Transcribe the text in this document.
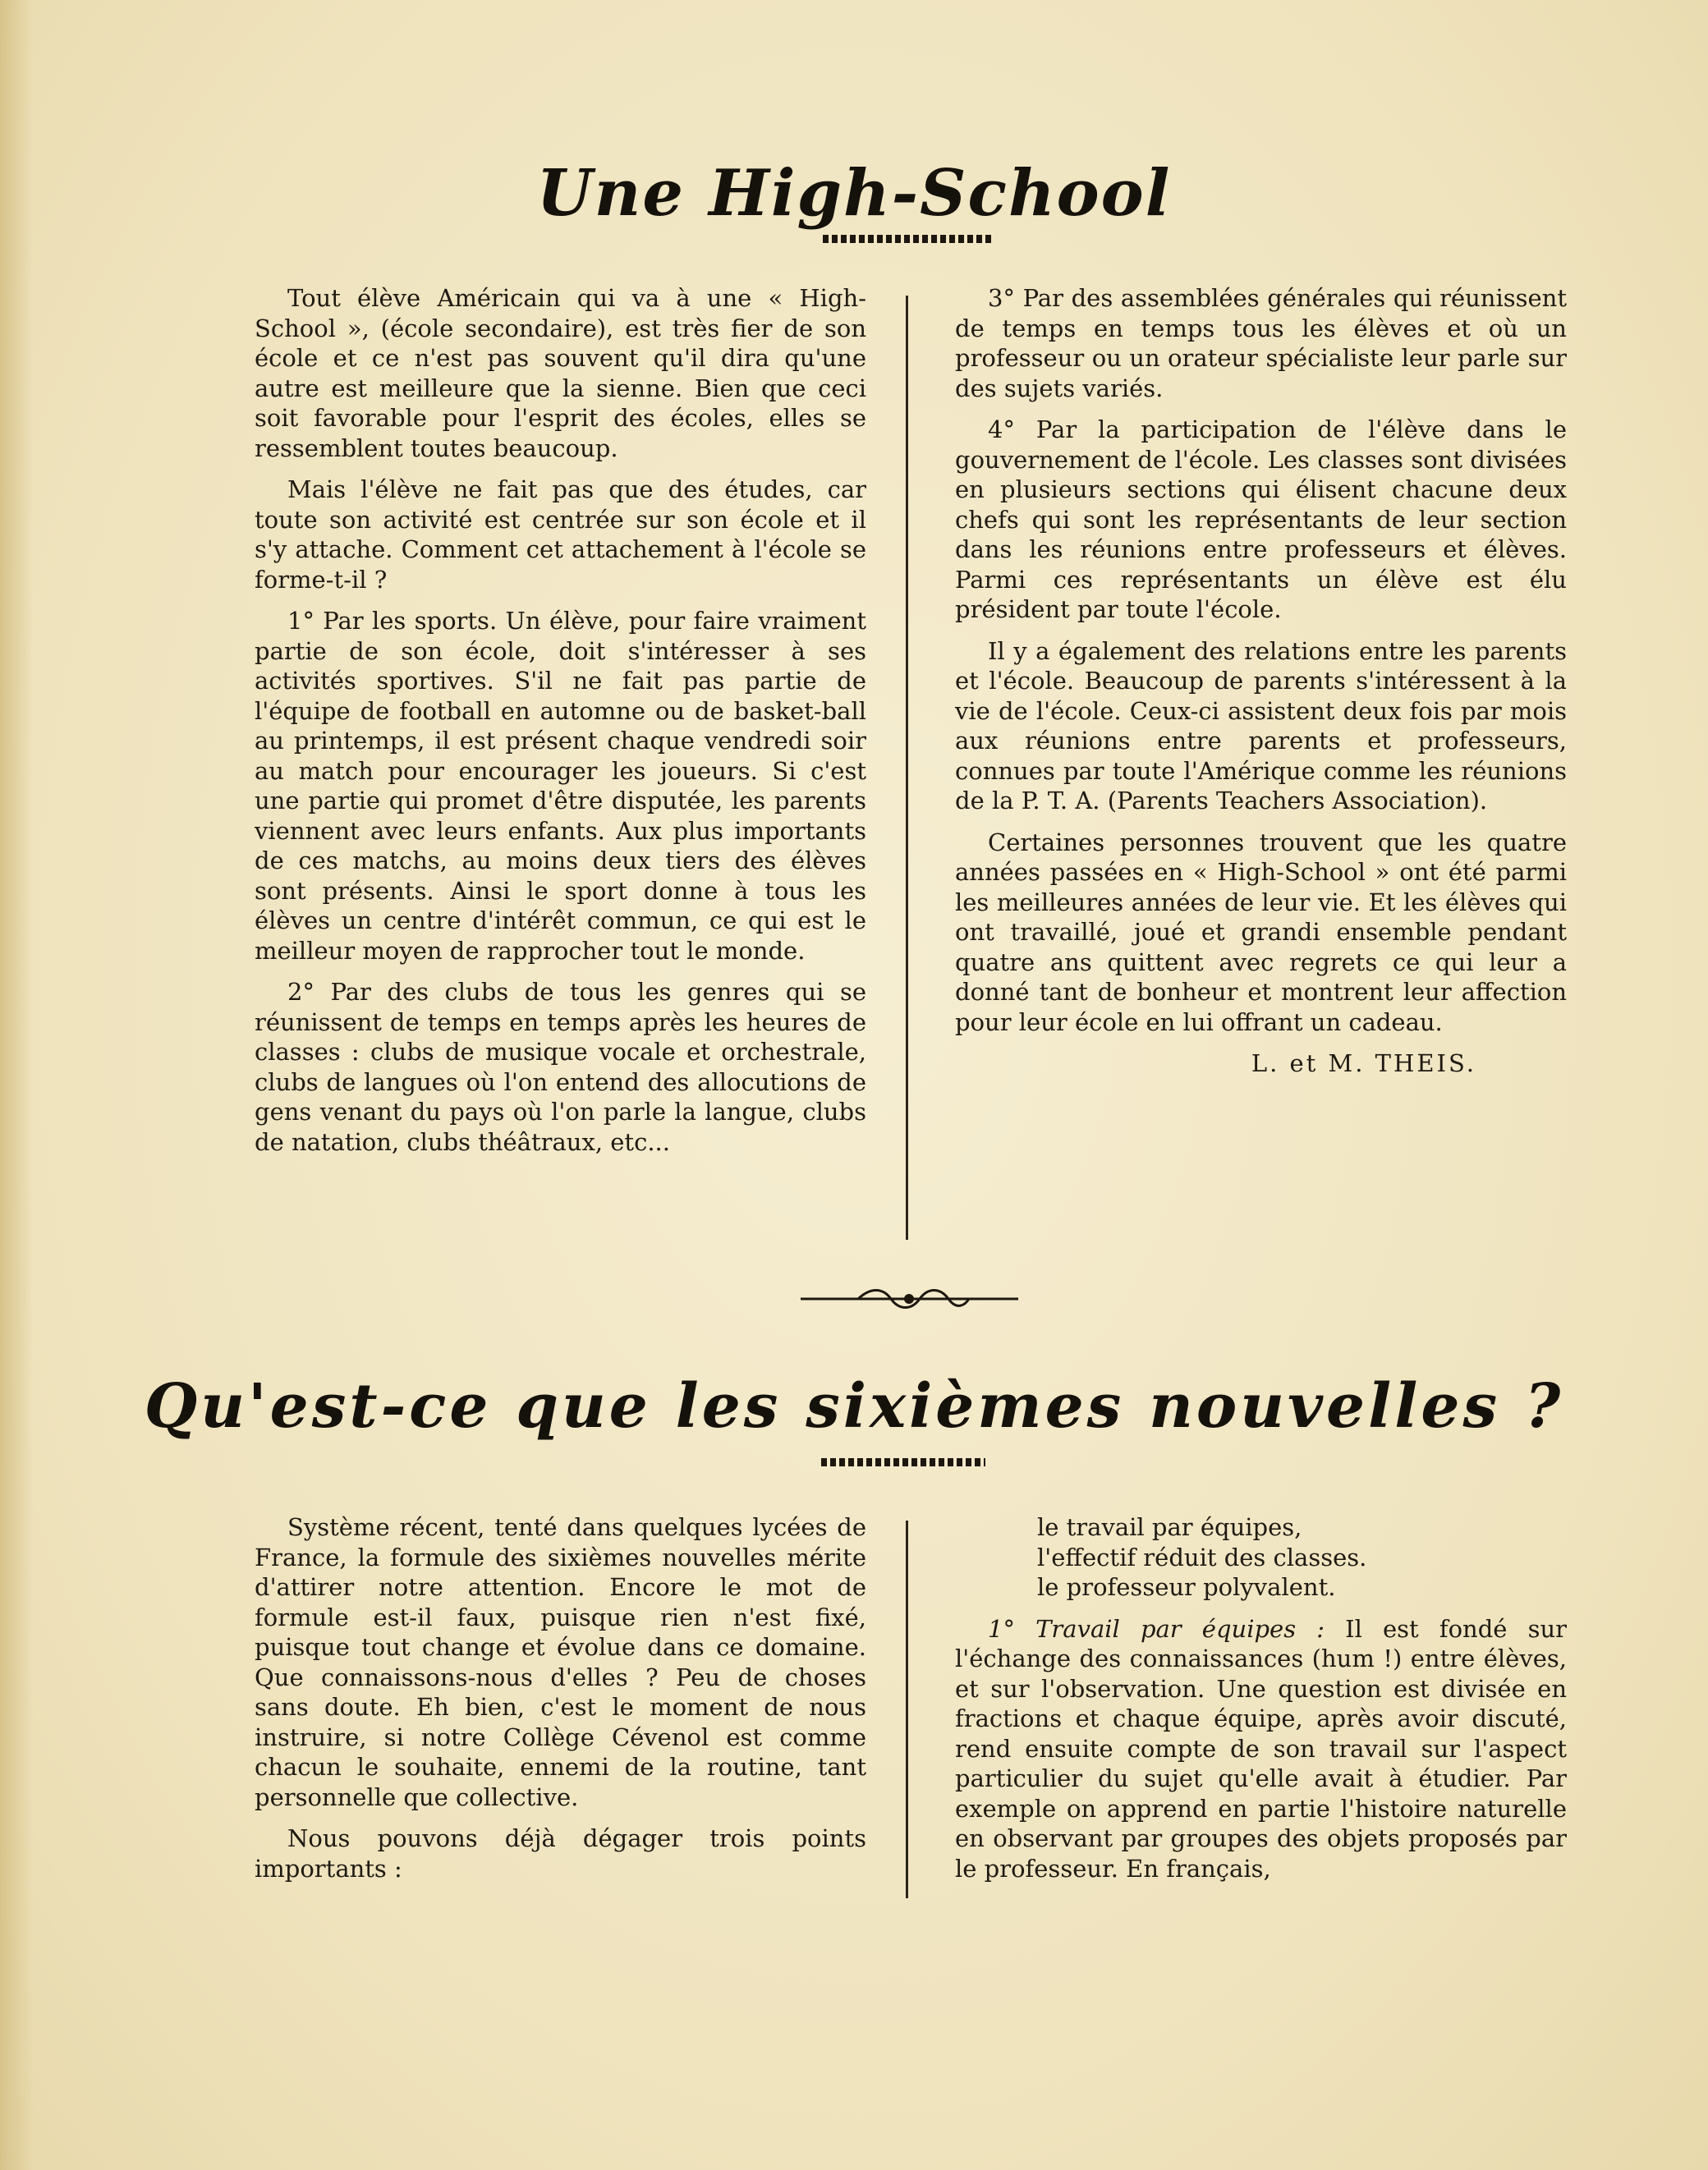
Une High-School

Tout élève Américain qui va à une « High-School », (école secondaire), est très fier de son école et ce n'est pas souvent qu'il dira qu'une autre est meilleure que la sienne. Bien que ceci soit favorable pour l'esprit des écoles, elles se ressemblent toutes beaucoup.

Mais l'élève ne fait pas que des études, car toute son activité est centrée sur son école et il s'y attache. Comment cet attachement à l'école se forme-t-il ?

1° Par les sports. Un élève, pour faire vraiment partie de son école, doit s'intéresser à ses activités sportives. S'il ne fait pas partie de l'équipe de football en automne ou de basket-ball au printemps, il est présent chaque vendredi soir au match pour encourager les joueurs. Si c'est une partie qui promet d'être disputée, les parents viennent avec leurs enfants. Aux plus importants de ces matchs, au moins deux tiers des élèves sont présents. Ainsi le sport donne à tous les élèves un centre d'intérêt commun, ce qui est le meilleur moyen de rapprocher tout le monde.

2° Par des clubs de tous les genres qui se réunissent de temps en temps après les heures de classes : clubs de musique vocale et orchestrale, clubs de langues où l'on entend des allocutions de gens venant du pays où l'on parle la langue, clubs de natation, clubs théâtraux, etc...

3° Par des assemblées générales qui réunissent de temps en temps tous les élèves et où un professeur ou un orateur spécialiste leur parle sur des sujets variés.

4° Par la participation de l'élève dans le gouvernement de l'école. Les classes sont divisées en plusieurs sections qui élisent chacune deux chefs qui sont les représentants de leur section dans les réunions entre professeurs et élèves. Parmi ces représentants un élève est élu président par toute l'école.

Il y a également des relations entre les parents et l'école. Beaucoup de parents s'intéressent à la vie de l'école. Ceux-ci assistent deux fois par mois aux réunions entre parents et professeurs, connues par toute l'Amérique comme les réunions de la P. T. A. (Parents Teachers Association).

Certaines personnes trouvent que les quatre années passées en « High-School » ont été parmi les meilleures années de leur vie. Et les élèves qui ont travaillé, joué et grandi ensemble pendant quatre ans quittent avec regrets ce qui leur a donné tant de bonheur et montrent leur affection pour leur école en lui offrant un cadeau.

L. et M. THEIS.
Qu'est-ce que les sixièmes nouvelles ?

Système récent, tenté dans quelques lycées de France, la formule des sixièmes nouvelles mérite d'attirer notre attention. Encore le mot de formule est-il faux, puisque rien n'est fixé, puisque tout change et évolue dans ce domaine. Que connaissons-nous d'elles ? Peu de choses sans doute. Eh bien, c'est le moment de nous instruire, si notre Collège Cévenol est comme chacun le souhaite, ennemi de la routine, tant personnelle que collective.

Nous pouvons déjà dégager trois points importants :

le travail par équipes,

l'effectif réduit des classes.

le professeur polyvalent.

1° Travail par équipes : Il est fondé sur l'échange des connaissances (hum !) entre élèves, et sur l'observation. Une question est divisée en fractions et chaque équipe, après avoir discuté, rend ensuite compte de son travail sur l'aspect particulier du sujet qu'elle avait à étudier. Par exemple on apprend en partie l'histoire naturelle en observant par groupes des objets proposés par le professeur. En français,
